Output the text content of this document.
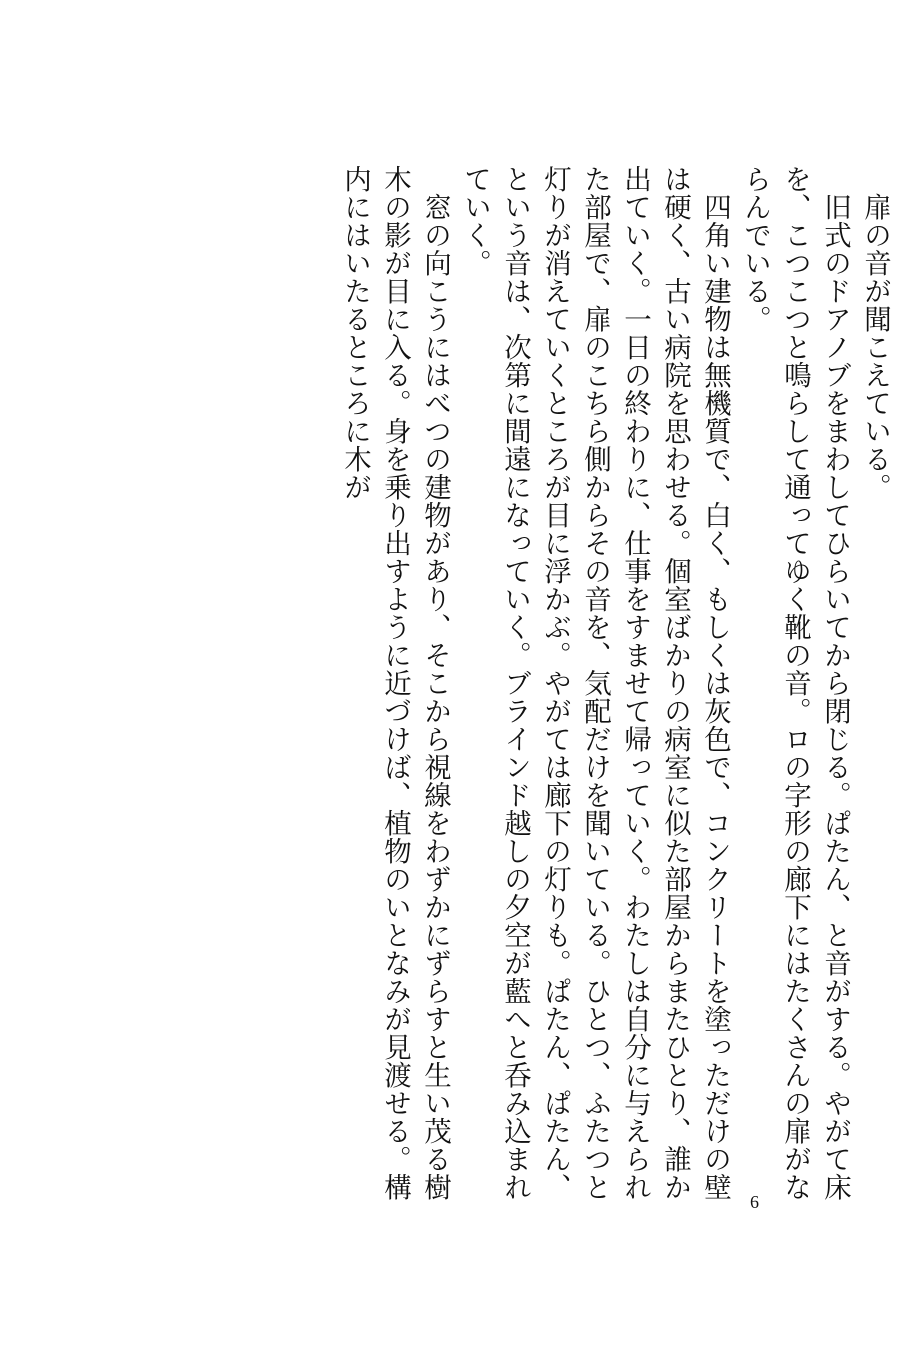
扉の音が聞こえている。

旧式のドアノブをまわしてひらいてから閉じる。ぱたん、と音がする。やがて床を、こつこつと鳴らして通ってゆく靴の音。ロの字形の廊下にはたくさんの扉がならんでいる。

四角い建物は無機質で、白く、もしくは灰色で、コンクリートを塗っただけの壁は硬く、古い病院を思わせる。個室ばかりの病室に似た部屋からまたひとり、誰か出ていく。一日の終わりに、仕事をすませて帰っていく。わたしは自分に与えられた部屋で、扉のこちら側からその音を、気配だけを聞いている。ひとつ、ふたつと灯りが消えていくところが目に浮かぶ。やがては廊下の灯りも。ぱたん、ぱたん、という音は、次第に間遠になっていく。ブラインド越しの夕空が藍へと呑み込まれていく。

窓の向こうにはべつの建物があり、そこから視線をわずかにずらすと生い茂る樹木の影が目に入る。身を乗り出すように近づけば、植物のいとなみが見渡せる。構内にはいたるところに木が

6
